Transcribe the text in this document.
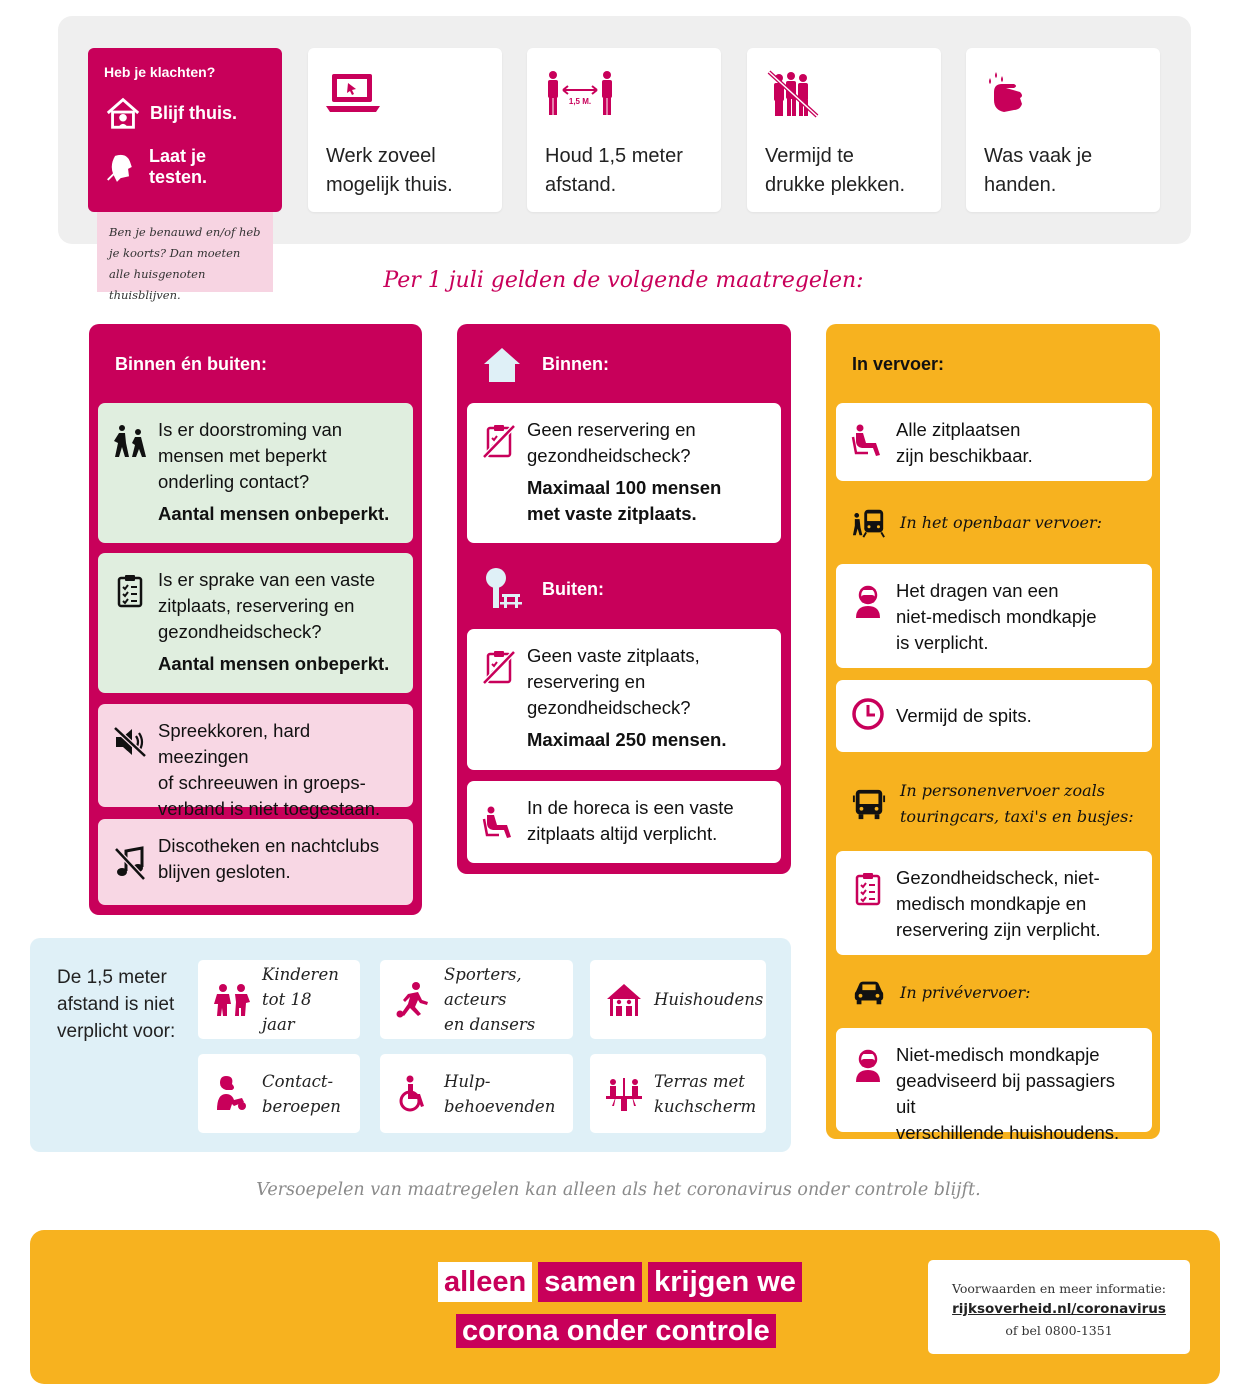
Heb je klachten?
Blijf thuis.
Laat je testen.
Ben je benauwd en/of heb
je koorts? Dan moeten
alle huisgenoten thuisblijven.
Werk zoveel
mogelijk thuis.
1,5 M.
Houd 1,5 meter
afstand.
Vermijd te
drukke plekken.
Was vaak je
handen.
Per 1 juli gelden de volgende maatregelen:
Binnen én buiten:
Is er doorstroming van
mensen met beperkt
onderling contact?
Aantal mensen onbeperkt.
Is er sprake van een vaste
zitplaats, reservering en
gezondheidscheck?
Aantal mensen onbeperkt.
Spreekkoren, hard meezingen
of schreeuwen in groeps-
verband is niet toegestaan.
Discotheken en nachtclubs
blijven gesloten.
Binnen:
Geen reservering en
gezondheidscheck?
Maximaal 100 mensen
met vaste zitplaats.
Buiten:
Geen vaste zitplaats,
reservering en
gezondheidscheck?
Maximaal 250 mensen.
In de horeca is een vaste
zitplaats altijd verplicht.
In vervoer:
Alle zitplaatsen
zijn beschikbaar.
In het openbaar vervoer:
Het dragen van een
niet-medisch mondkapje
is verplicht.
Vermijd de spits.
In personenvervoer zoals
touringcars, taxi's en busjes:
Gezondheidscheck, niet-
medisch mondkapje en
reservering zijn verplicht.
In privévervoer:
Niet-medisch mondkapje
geadviseerd bij passagiers uit
verschillende huishoudens.
De 1,5 meter
afstand is niet
verplicht voor:
Kinderen
tot 18 jaar
Sporters, acteurs
en dansers
Huishoudens
Contact-
beroepen
Hulp-
behoevenden
Terras met
kuchscherm
Versoepelen van maatregelen kan alleen als het coronavirus onder controle blijft.
alleen samen krijgen we
corona onder controle
Voorwaarden en meer informatie:
rijksoverheid.nl/coronavirus
of bel 0800-1351
